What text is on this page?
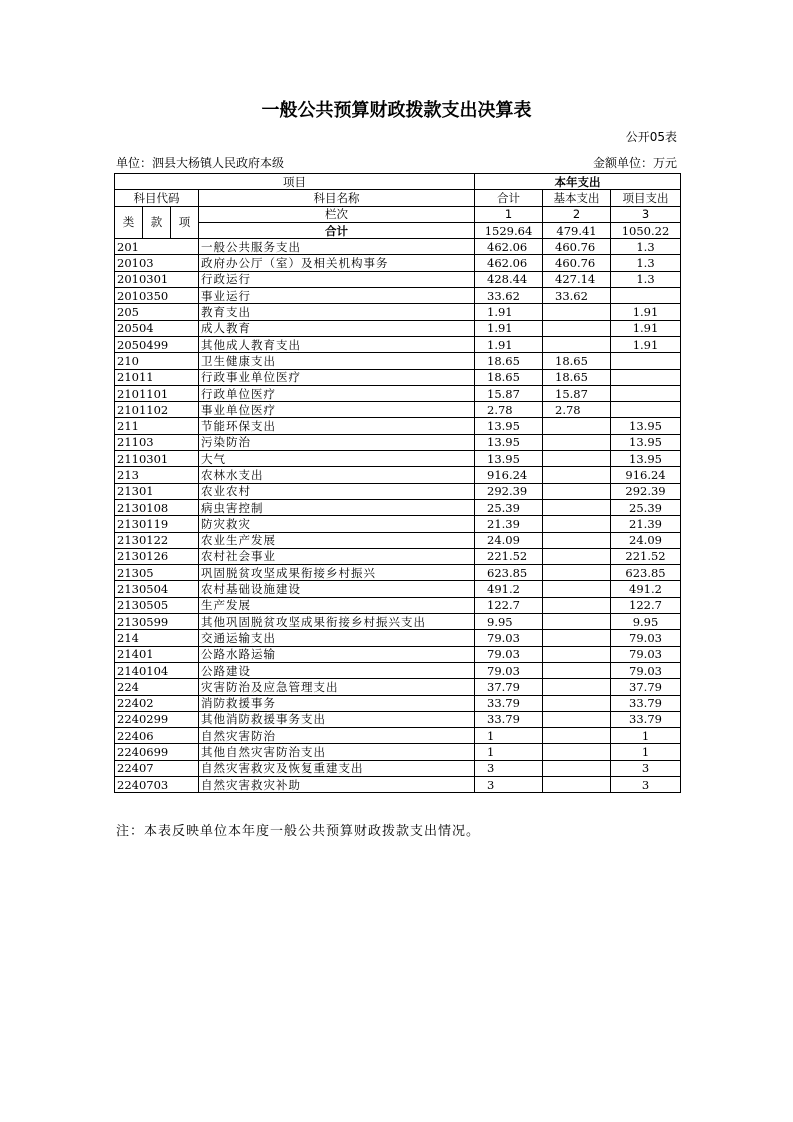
一般公共预算财政拨款支出决算表
公开05表
单位：泗县大杨镇人民政府本级	金额单位：万元
项目				本年支出		
科目代码			科目名称	合计	基本支出	项目支出
类	款	项	栏次	1	2	3
			合计	1529.64	479.41	1050.22
201			一般公共服务支出	462.06	460.76	1.3
20103			政府办公厅（室）及相关机构事务	462.06	460.76	1.3
2010301			行政运行	428.44	427.14	1.3
2010350			事业运行	33.62	33.62	
205			教育支出	1.91		1.91
20504			成人教育	1.91		1.91
2050499			其他成人教育支出	1.91		1.91
210			卫生健康支出	18.65	18.65	
21011			行政事业单位医疗	18.65	18.65	
2101101			行政单位医疗	15.87	15.87	
2101102			事业单位医疗	2.78	2.78	
211			节能环保支出	13.95		13.95
21103			污染防治	13.95		13.95
2110301			大气	13.95		13.95
213			农林水支出	916.24		916.24
21301			农业农村	292.39		292.39
2130108			病虫害控制	25.39		25.39
2130119			防灾救灾	21.39		21.39
2130122			农业生产发展	24.09		24.09
2130126			农村社会事业	221.52		221.52
21305			巩固脱贫攻坚成果衔接乡村振兴	623.85		623.85
2130504			农村基础设施建设	491.2		491.2
2130505			生产发展	122.7		122.7
2130599			其他巩固脱贫攻坚成果衔接乡村振兴支出	9.95		9.95
214			交通运输支出	79.03		79.03
21401			公路水路运输	79.03		79.03
2140104			公路建设	79.03		79.03
224			灾害防治及应急管理支出	37.79		37.79
22402			消防救援事务	33.79		33.79
2240299			其他消防救援事务支出	33.79		33.79
22406			自然灾害防治	1		1
2240699			其他自然灾害防治支出	1		1
22407			自然灾害救灾及恢复重建支出	3		3
2240703			自然灾害救灾补助	3		3
注：本表反映单位本年度一般公共预算财政拨款支出情况。
